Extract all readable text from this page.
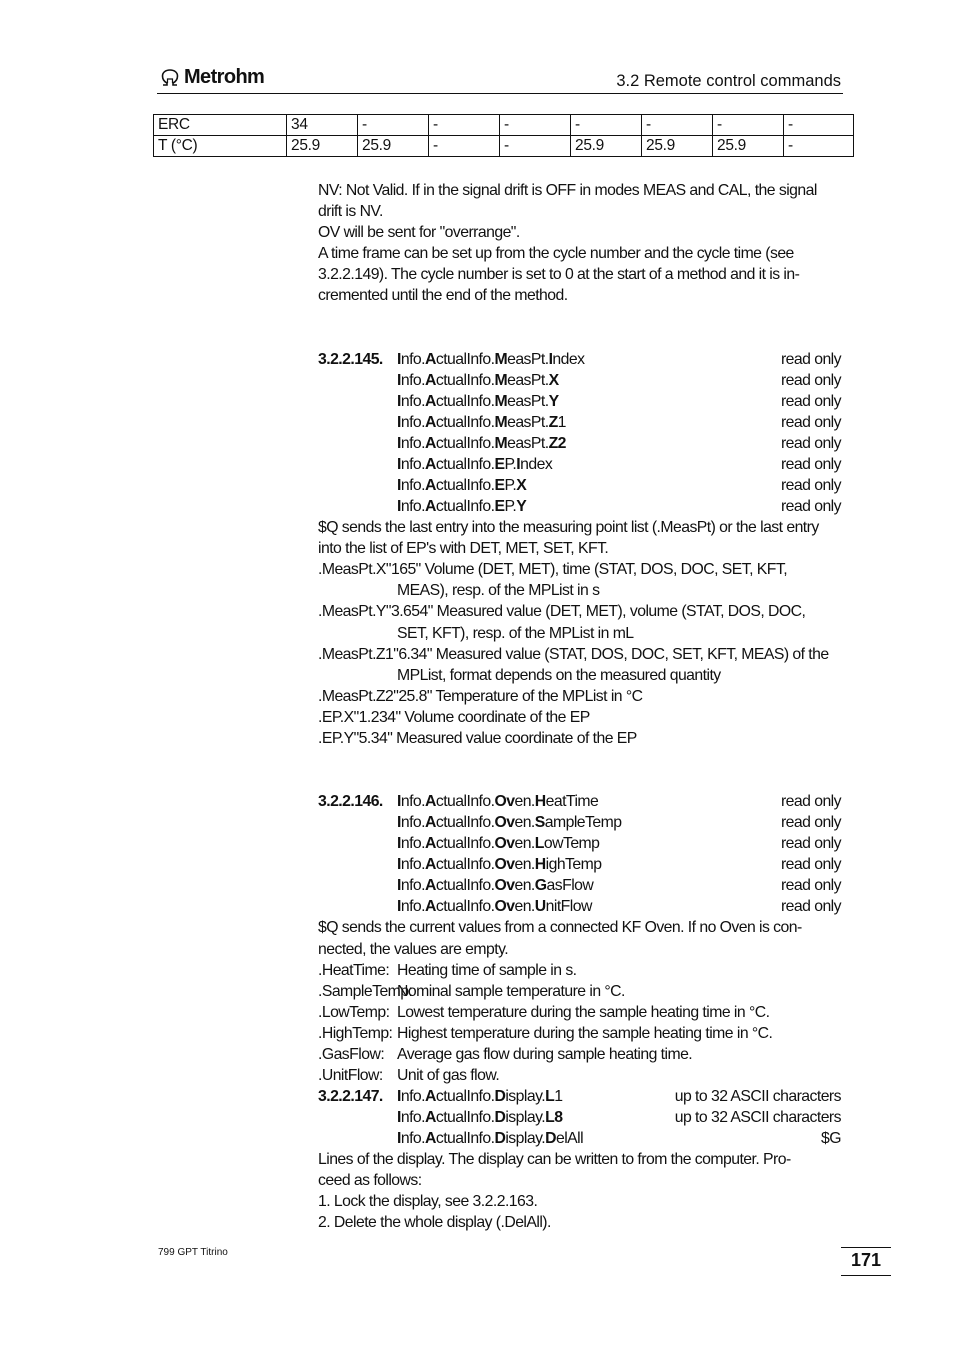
Metrohm	3.2 Remote control commands
ERC	34	-	-	-	-	-	-	-
T (°C)	25.9	25.9	-	-	25.9	25.9	25.9	-
NV: Not Valid. If in the signal drift is OFF in modes MEAS and CAL, the signal
drift is NV.
OV will be sent for "overrange".
A time frame can be set up from the cycle number and the cycle time (see
3.2.2.149). The cycle number is set to 0 at the start of a method and it is in-
cremented until the end of the method.
3.2.2.145. Info.ActualInfo.MeasPt.Index	read only
Info.ActualInfo.MeasPt.X	read only
Info.ActualInfo.MeasPt.Y	read only
Info.ActualInfo.MeasPt.Z1	read only
Info.ActualInfo.MeasPt.Z2	read only
Info.ActualInfo.EP.Index	read only
Info.ActualInfo.EP.X	read only
Info.ActualInfo.EP.Y	read only
$Q sends the last entry into the measuring point list (.MeasPt) or the last entry
into the list of EP's with DET, MET, SET, KFT.
.MeasPt.X"165" Volume (DET, MET), time (STAT, DOS, DOC, SET, KFT,
MEAS), resp. of the MPList in s
.MeasPt.Y"3.654" Measured value (DET, MET), volume (STAT, DOS, DOC,
SET, KFT), resp. of the MPList in mL
.MeasPt.Z1"6.34" Measured value (STAT, DOS, DOC, SET, KFT, MEAS) of the
MPList, format depends on the measured quantity
.MeasPt.Z2"25.8" Temperature of the MPList in °C
.EP.X"1.234" Volume coordinate of the EP
.EP.Y"5.34" Measured value coordinate of the EP
3.2.2.146. Info.ActualInfo.Oven.HeatTime	read only
Info.ActualInfo.Oven.SampleTemp	read only
Info.ActualInfo.Oven.LowTemp	read only
Info.ActualInfo.Oven.HighTemp	read only
Info.ActualInfo.Oven.GasFlow	read only
Info.ActualInfo.Oven.UnitFlow	read only
$Q sends the current values from a connected KF Oven. If no Oven is con-
nected, the values are empty.
.HeatTime: Heating time of sample in s.
.SampleTemp:
Nominal sample temperature in °C.
.LowTemp: Lowest temperature during the sample heating time in °C.
.HighTemp: Highest temperature during the sample heating time in °C.
.GasFlow: Average gas flow during sample heating time.
.UnitFlow: Unit of gas flow.
3.2.2.147. Info.ActualInfo.Display.L1	up to 32 ASCII characters
Info.ActualInfo.Display.L8	up to 32 ASCII characters
Info.ActualInfo.Display.DelAll	$G
Lines of the display. The display can be written to from the computer. Pro-
ceed as follows:
1. Lock the display, see 3.2.2.163.
2. Delete the whole display (.DelAll).
799 GPT Titrino	171
